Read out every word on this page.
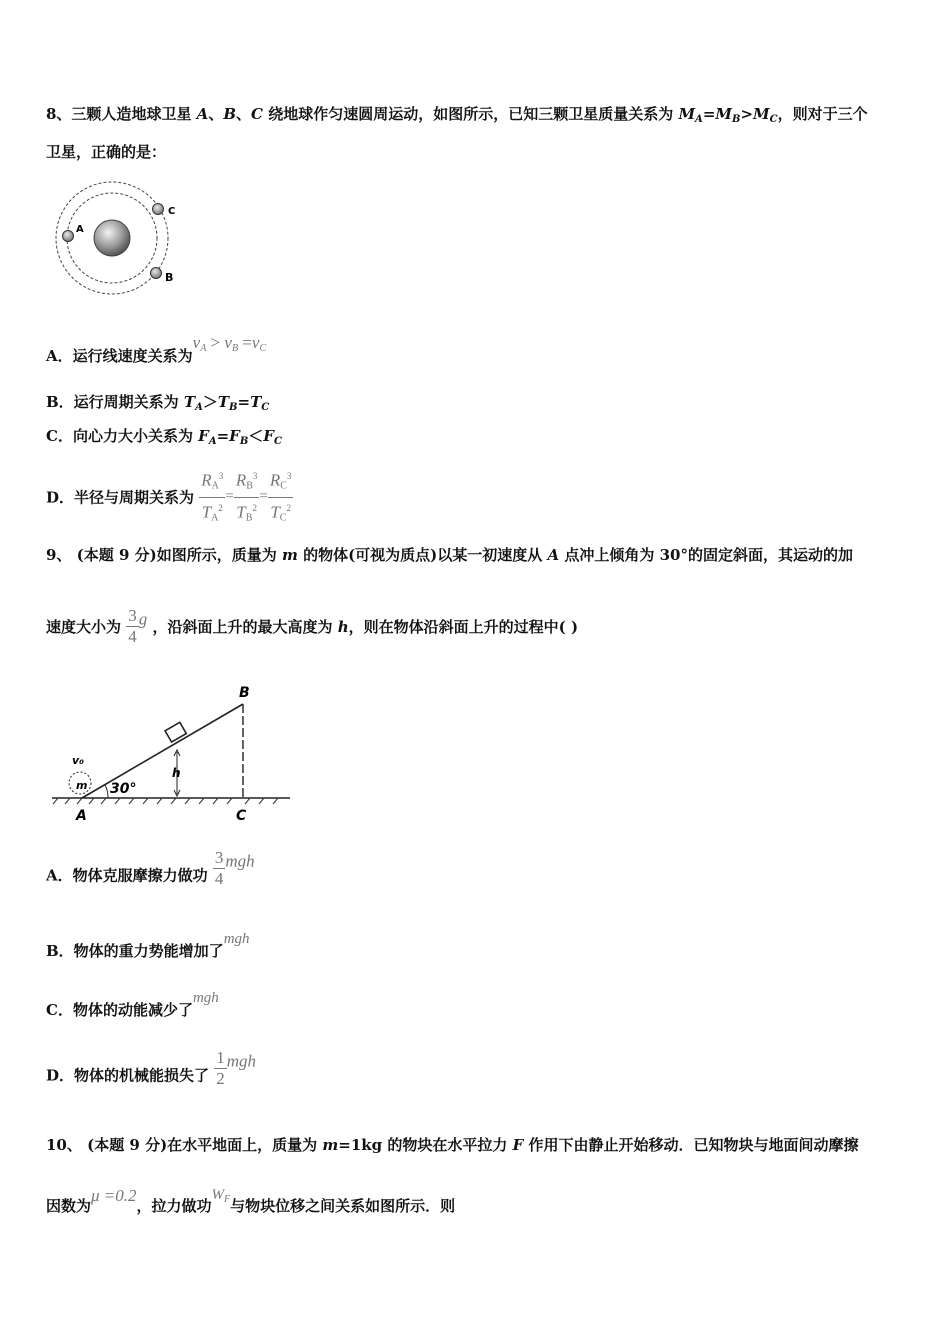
8、三颗人造地球卫星 A、B、C 绕地球作匀速圆周运动，如图所示，已知三颗卫星质量关系为 $M_A=M_B>M_C$，则对于三个
卫星，正确的是：
A
C
B
A．运行线速度关系为$v_A > v_B =v_C$
B．运行周期关系为 $T_A>T_B=T_C$
C．向心力大小关系为 $F_A=F_B<F_C$
D．半径与周期关系为 $\frac{R_A^3}{T_A^2} = \frac{R_B^3}{T_B^2} = \frac{R_C^3}{T_C^2}$
9、 (本题 9 分)如图所示，质量为 m 的物体(可视为质点)以某一初速度从 A 点冲上倾角为 30°的固定斜面，其运动的加
速度大小为 $\frac{3}{4}$ g ，沿斜面上升的最大高度为 h，则在物体沿斜面上升的过程中( )
v₀
m 30°
h
B
A	C
A．物体克服摩擦力做功 $\frac{3}{4}$ mgh
B．物体的重力势能增加了mgh
C．物体的动能减少了mgh
D．物体的机械能损失了 $\frac{1}{2}$ mgh
10、 (本题 9 分)在水平地面上，质量为 m=1kg 的物块在水平拉力 F 作用下由静止开始移动．已知物块与地面间动摩擦
因数为μ =0.2，拉力做功$W_F$与物块位移之间关系如图所示．则
